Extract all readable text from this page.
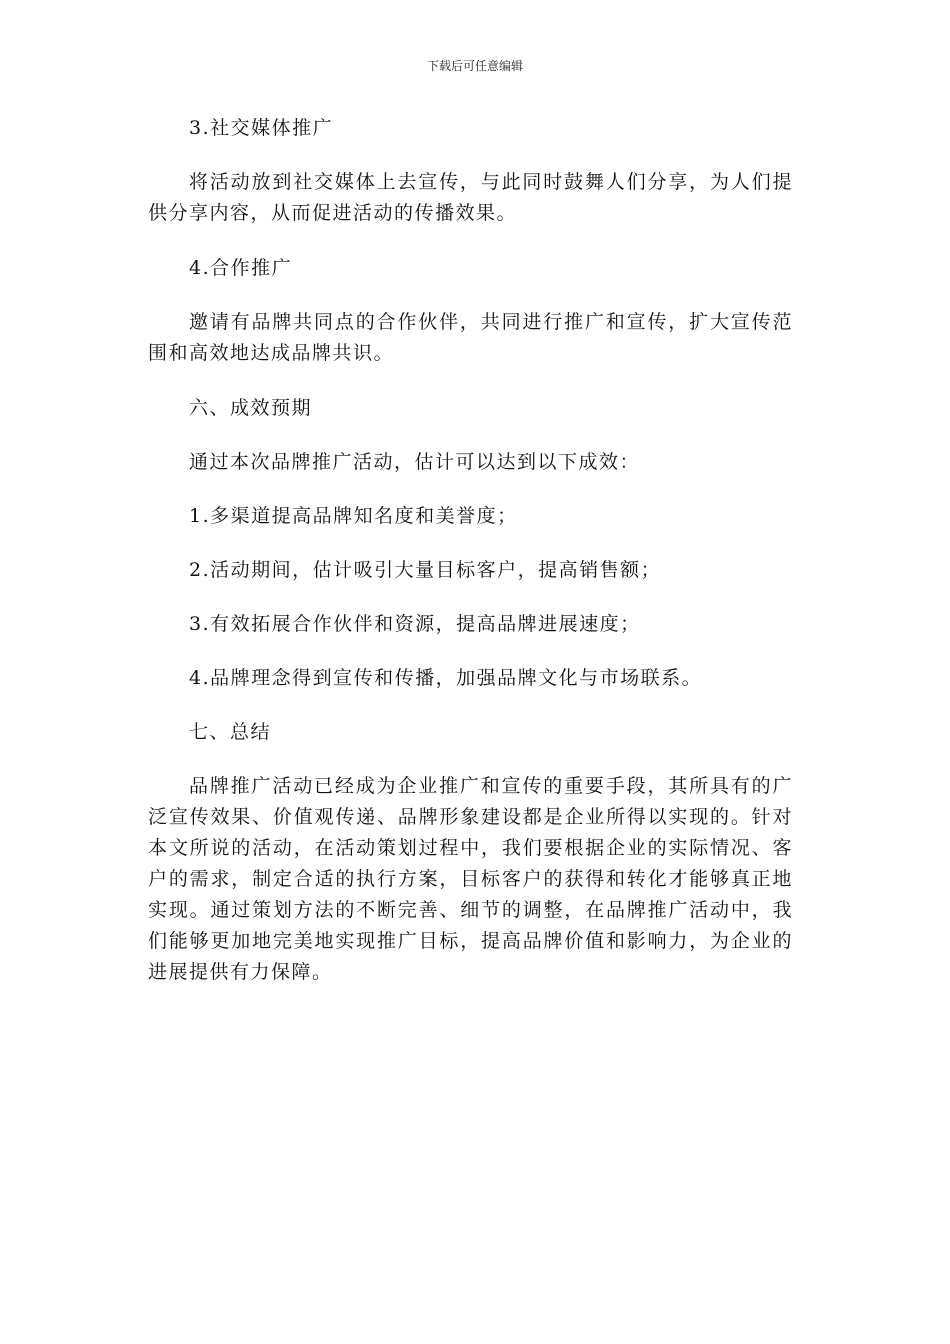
下载后可任意编辑

3.社交媒体推广

将活动放到社交媒体上去宣传，与此同时鼓舞人们分享，为人们提供分享内容，从而促进活动的传播效果。

4.合作推广

邀请有品牌共同点的合作伙伴，共同进行推广和宣传，扩大宣传范围和高效地达成品牌共识。

六、成效预期

通过本次品牌推广活动，估计可以达到以下成效：

1.多渠道提高品牌知名度和美誉度；

2.活动期间，估计吸引大量目标客户，提高销售额；

3.有效拓展合作伙伴和资源，提高品牌进展速度；

4.品牌理念得到宣传和传播，加强品牌文化与市场联系。

七、总结

品牌推广活动已经成为企业推广和宣传的重要手段，其所具有的广泛宣传效果、价值观传递、品牌形象建设都是企业所得以实现的。针对本文所说的活动，在活动策划过程中，我们要根据企业的实际情况、客户的需求，制定合适的执行方案，目标客户的获得和转化才能够真正地实现。通过策划方法的不断完善、细节的调整，在品牌推广活动中，我们能够更加地完美地实现推广目标，提高品牌价值和影响力，为企业的进展提供有力保障。
